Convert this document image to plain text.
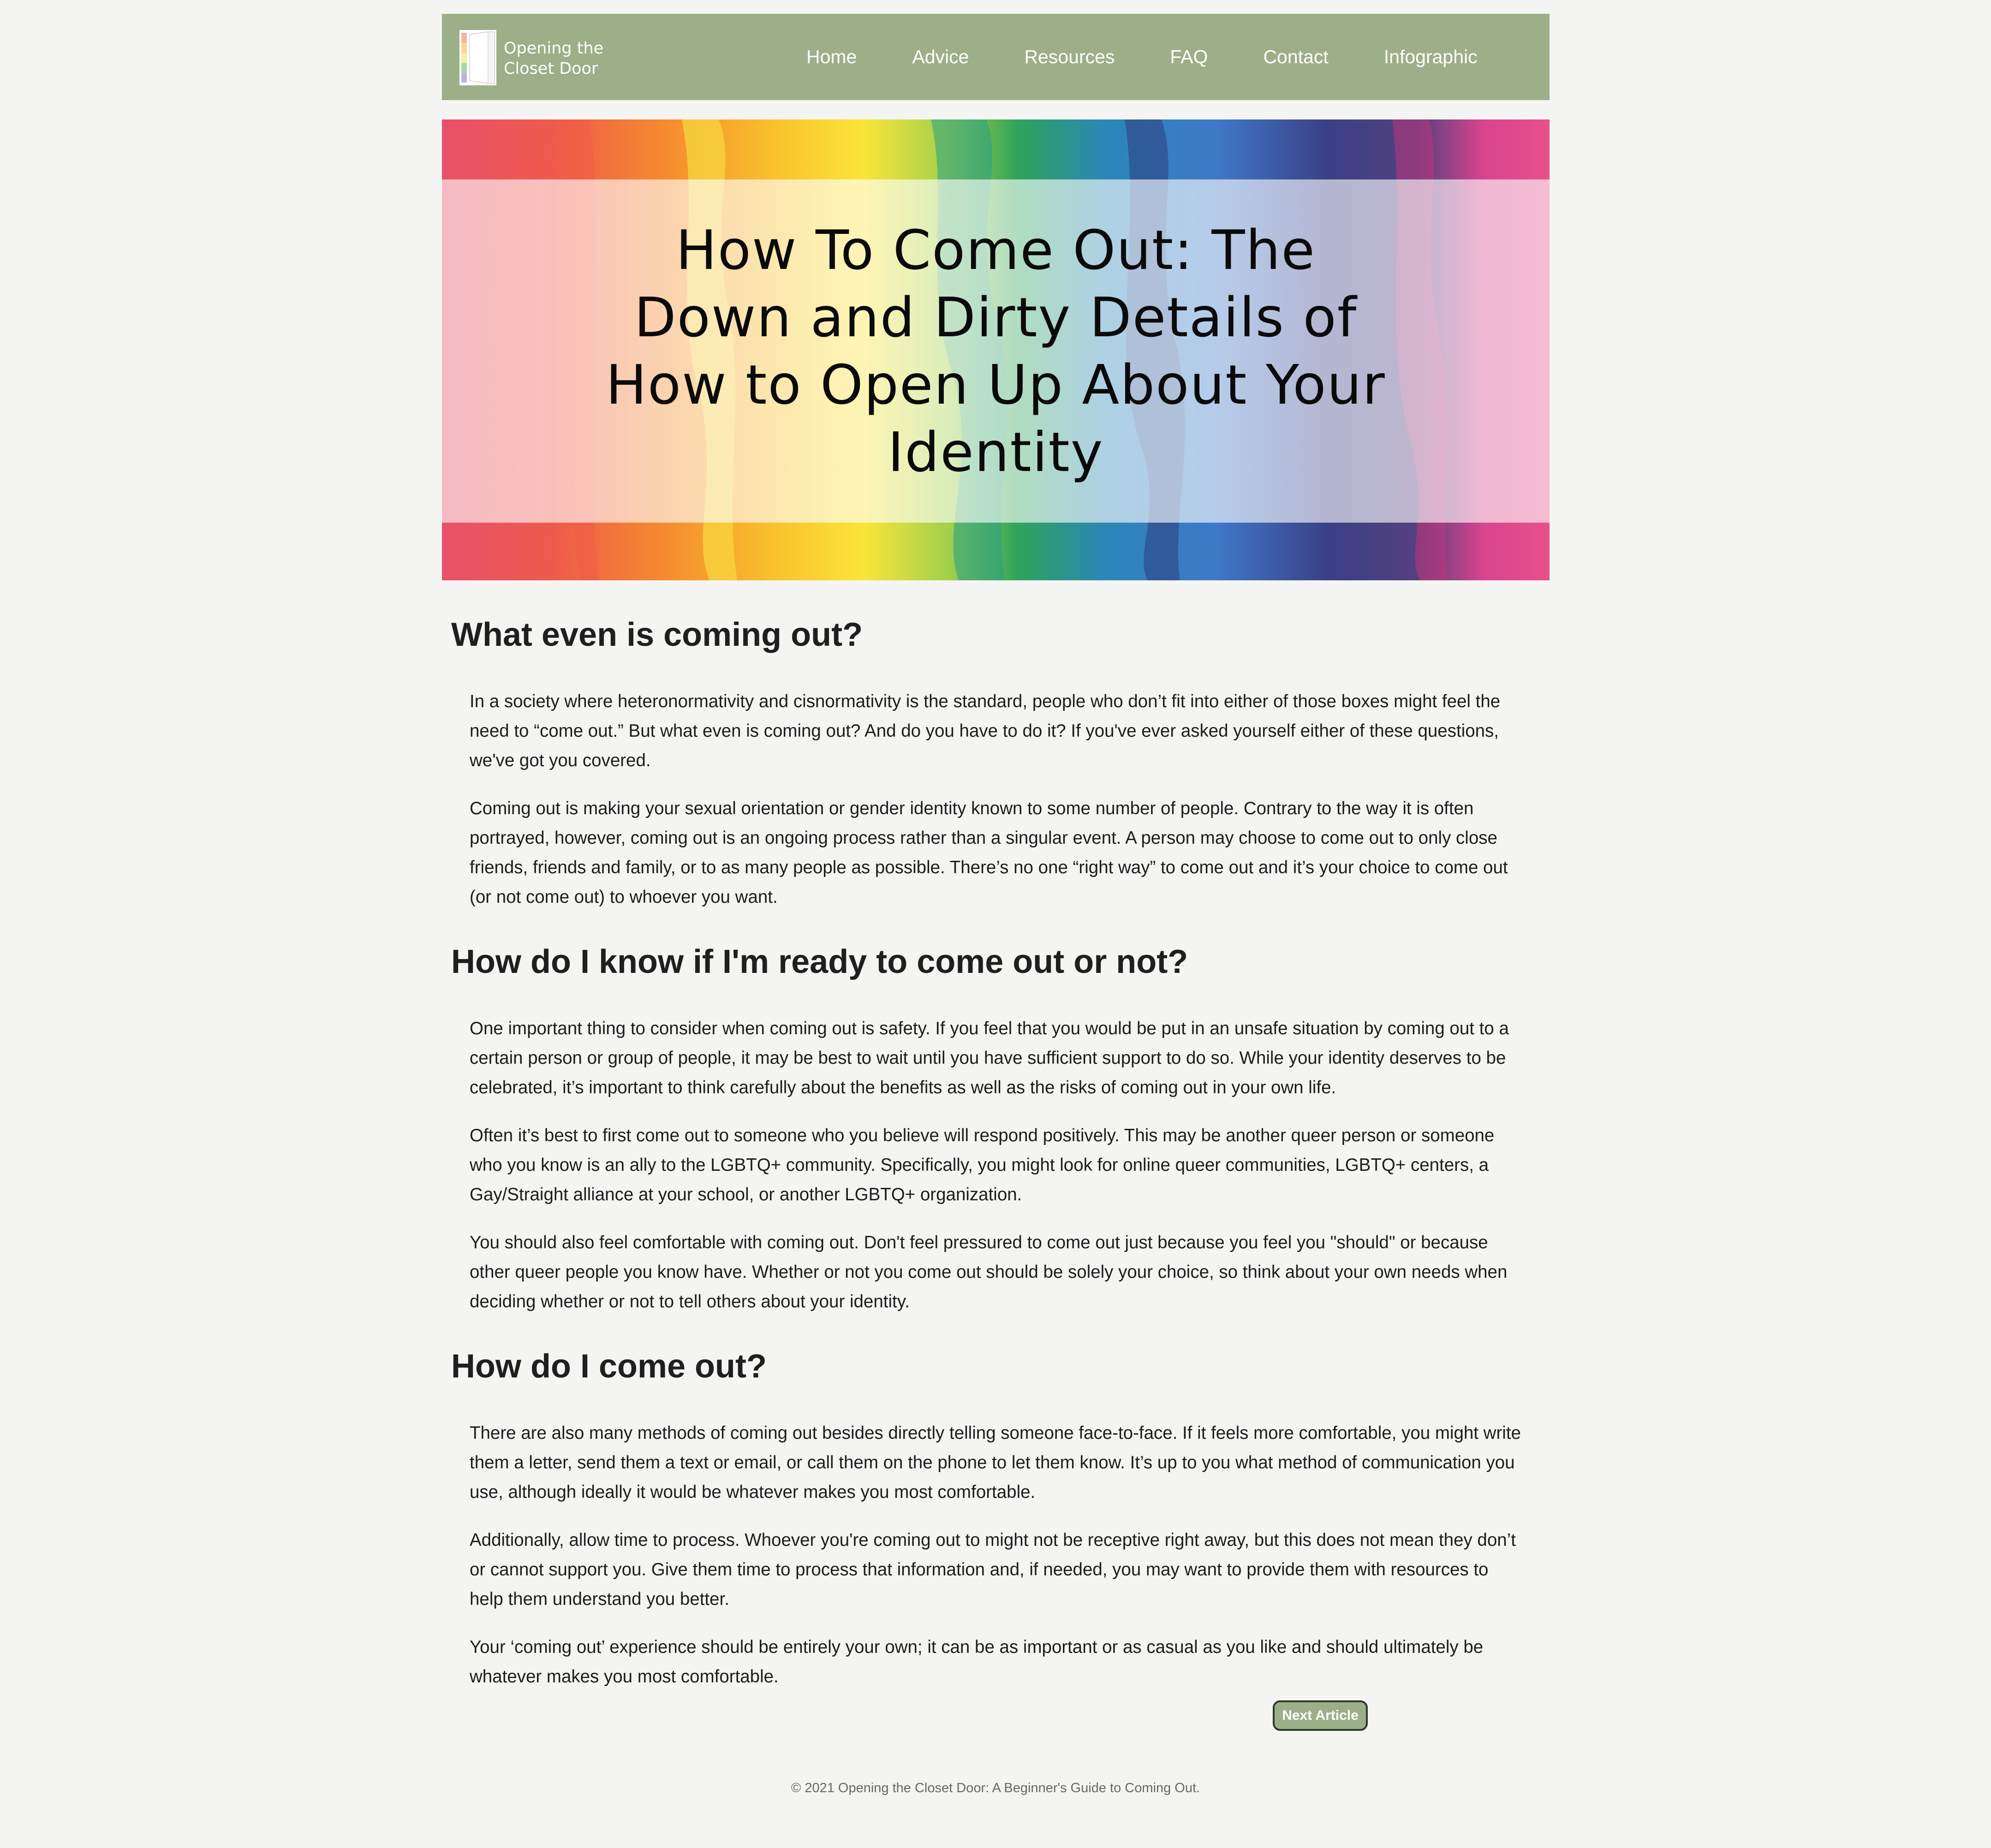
Opening the
Closet Door
Home	Advice	Resources	FAQ	Contact	Infographic
How To Come Out: The Down and Dirty Details of How to Open Up About Your Identity
What even is coming out?

In a society where heteronormativity and cisnormativity is the standard, people who don’t fit into either of those boxes might feel the need to “come out.” But what even is coming out? And do you have to do it? If you've ever asked yourself either of these questions, we've got you covered.

Coming out is making your sexual orientation or gender identity known to some number of people. Contrary to the way it is often portrayed, however, coming out is an ongoing process rather than a singular event. A person may choose to come out to only close friends, friends and family, or to as many people as possible. There’s no one “right way” to come out and it’s your choice to come out (or not come out) to whoever you want.

How do I know if I'm ready to come out or not?

One important thing to consider when coming out is safety. If you feel that you would be put in an unsafe situation by coming out to a certain person or group of people, it may be best to wait until you have sufficient support to do so. While your identity deserves to be celebrated, it’s important to think carefully about the benefits as well as the risks of coming out in your own life.

Often it’s best to first come out to someone who you believe will respond positively. This may be another queer person or someone who you know is an ally to the LGBTQ+ community. Specifically, you might look for online queer communities, LGBTQ+ centers, a Gay/Straight alliance at your school, or another LGBTQ+ organization.

You should also feel comfortable with coming out. Don't feel pressured to come out just because you feel you "should" or because other queer people you know have. Whether or not you come out should be solely your choice, so think about your own needs when deciding whether or not to tell others about your identity.

How do I come out?

There are also many methods of coming out besides directly telling someone face-to-face. If it feels more comfortable, you might write them a letter, send them a text or email, or call them on the phone to let them know. It’s up to you what method of communication you use, although ideally it would be whatever makes you most comfortable.

Additionally, allow time to process. Whoever you're coming out to might not be receptive right away, but this does not mean they don’t or cannot support you. Give them time to process that information and, if needed, you may want to provide them with resources to help them understand you better.

Your ‘coming out’ experience should be entirely your own; it can be as important or as casual as you like and should ultimately be whatever makes you most comfortable.

Next Article
© 2021 Opening the Closet Door: A Beginner's Guide to Coming Out.
